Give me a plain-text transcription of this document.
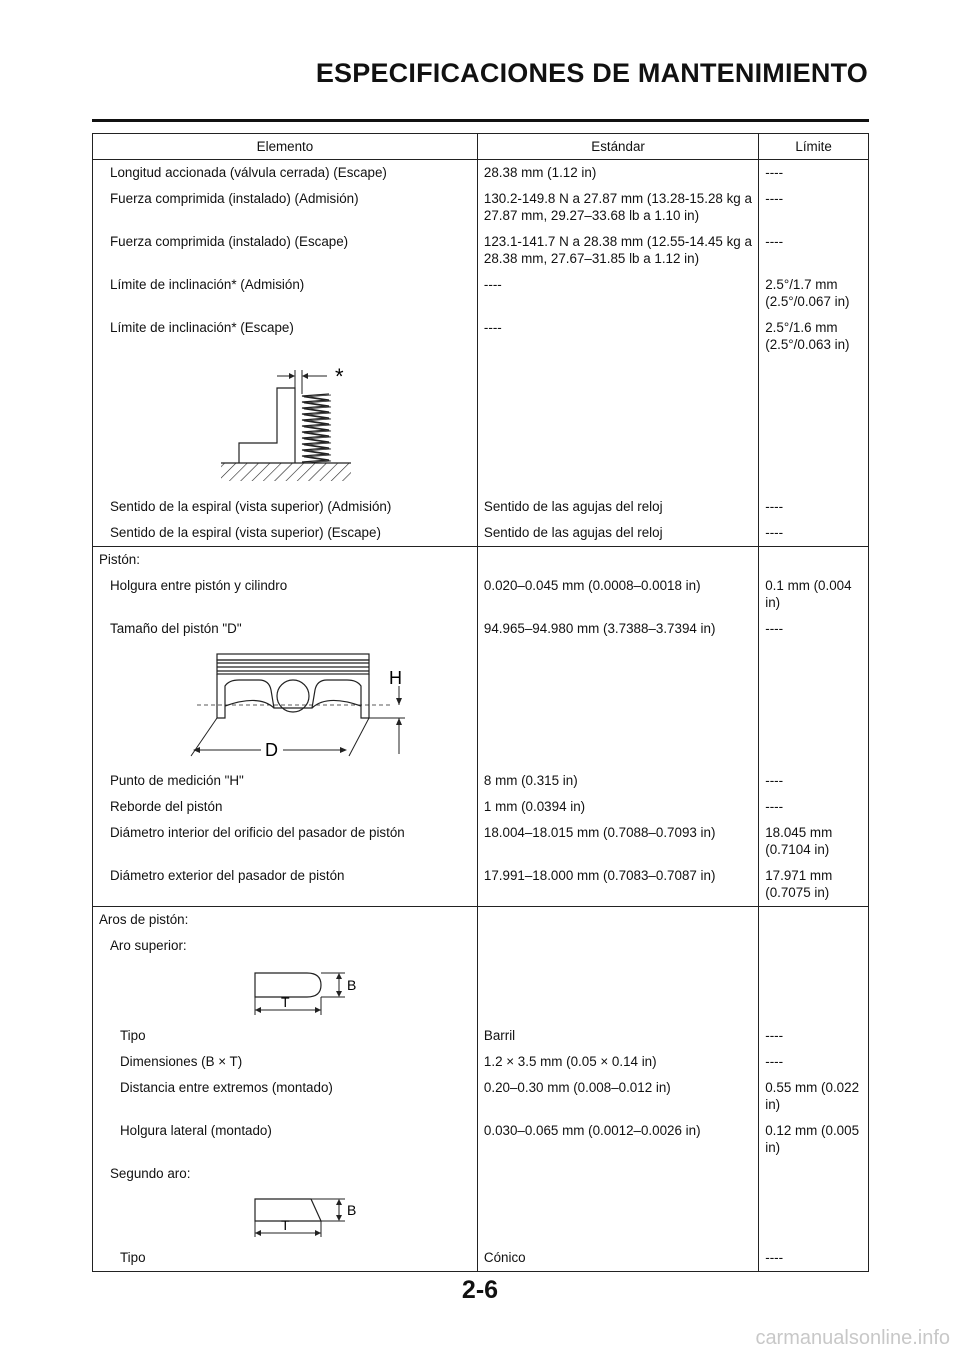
ESPECIFICACIONES DE MANTENIMIENTO
Elemento	Estándar	Límite
Longitud accionada (válvula cerrada) (Escape)	28.38 mm (1.12 in)	----
Fuerza comprimida (instalado) (Admisión)	130.2-149.8 N a 27.87 mm (13.28-15.28 kg a 27.87 mm, 29.27–33.68 lb a 1.10 in)	----
Fuerza comprimida (instalado) (Escape)	123.1-141.7 N a 28.38 mm (12.55-14.45 kg a 28.38 mm, 27.67–31.85 lb a 1.12 in)	----
Límite de inclinación* (Admisión)	----	2.5°/1.7 mm (2.5°/0.067 in)
Límite de inclinación* (Escape)	----	2.5°/1.6 mm (2.5°/0.063 in)

*		

Sentido de la espiral (vista superior) (Admisión)	Sentido de las agujas del reloj	----
Sentido de la espiral (vista superior) (Escape)	Sentido de las agujas del reloj	----
Pistón:		
Holgura entre pistón y cilindro	0.020–0.045 mm (0.0008–0.0018 in)	0.1 mm (0.004 in)
Tamaño del pistón "D"	94.965–94.980 mm (3.7388–3.7394 in)	----

H
D		

Punto de medición "H"	8 mm (0.315 in)	----
Reborde del pistón	1 mm (0.0394 in)	----
Diámetro interior del orificio del pasador de pistón	18.004–18.015 mm (0.7088–0.7093 in)	18.045 mm (0.7104 in)
Diámetro exterior del pasador de pistón	17.991–18.000 mm (0.7083–0.7087 in)	17.971 mm (0.7075 in)
Aros de pistón:		
Aro superior:		

B
T		

Tipo	Barril	----
Dimensiones (B × T)	1.2 × 3.5 mm (0.05 × 0.14 in)	----
Distancia entre extremos (montado)	0.20–0.30 mm (0.008–0.012 in)	0.55 mm (0.022 in)
Holgura lateral (montado)	0.030–0.065 mm (0.0012–0.0026 in)	0.12 mm (0.005 in)
Segundo aro:		

B
T		

Tipo	Cónico	----
2-6
carmanualsonline.info
